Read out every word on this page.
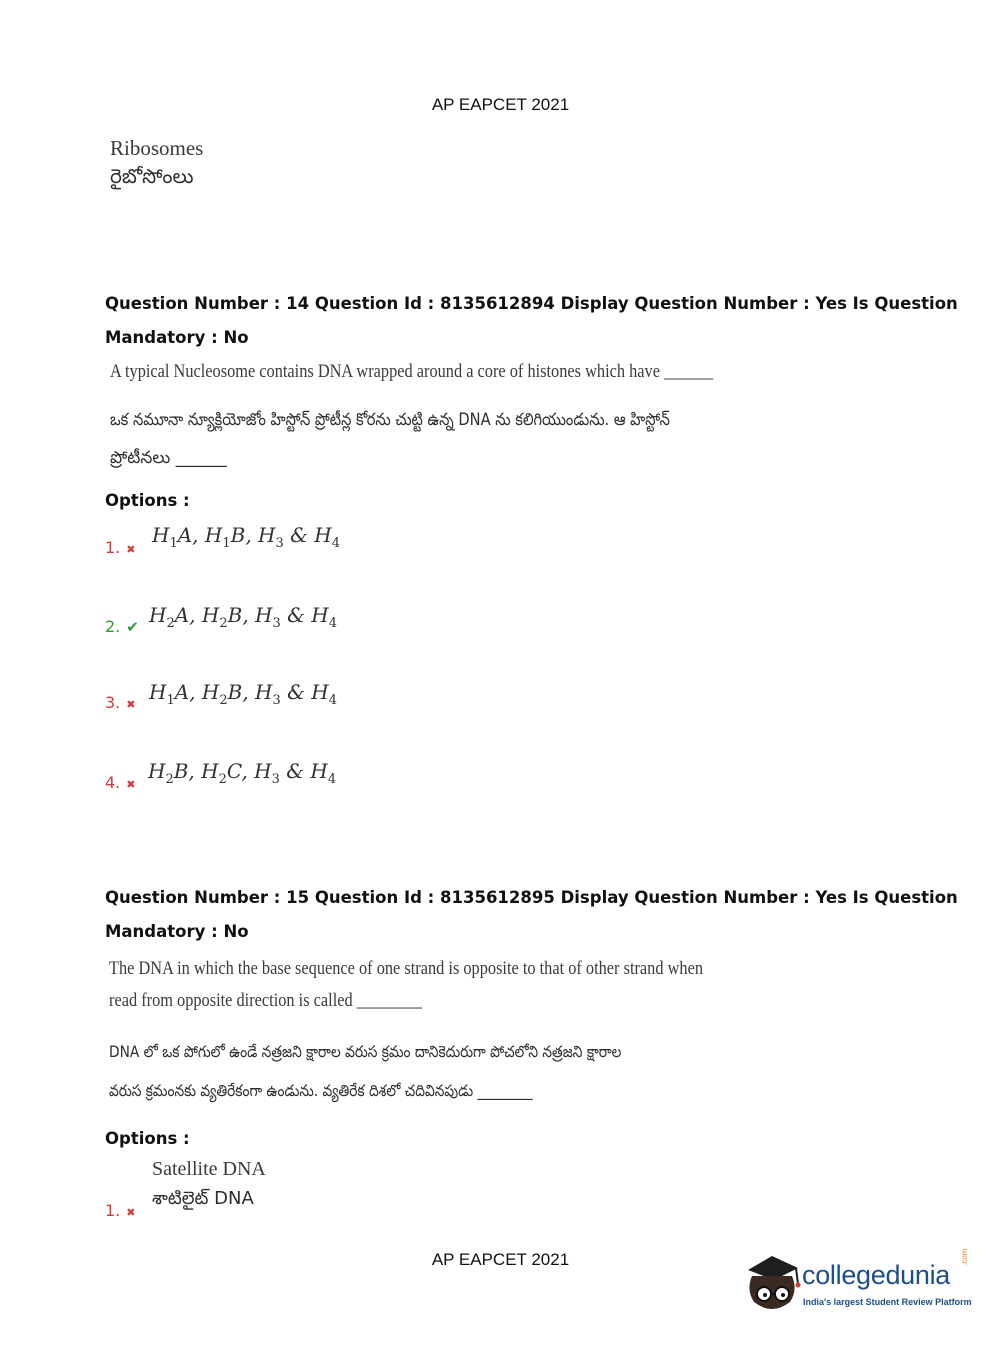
AP EAPCET 2021
Ribosomes
రైబోసోంలు
Question Number : 14 Question Id : 8135612894 Display Question Number : Yes Is Question
Mandatory : No
A typical Nucleosome contains DNA wrapped around a core of histones which have ______
ఒక నమూనా న్యూక్లియోజోం హిస్టోన్ ప్రోటీన్ల కోరను చుట్టి ఉన్న DNA ను కలిగియుండును. ఆ హిస్టోన్
ప్రోటీనలు ______
Options :
1. ✖
$H_1A$, $H_1B$, $H_3$ & $H_4$
2. ✔ $H_2A$, $H_2B$, $H_3$ & $H_4$
3. ✖
$H_1A$, $H_2B$, $H_3$ & $H_4$
4. ✖
$H_2B$, $H_2C$, $H_3$ & $H_4$
Question Number : 15 Question Id : 8135612895 Display Question Number : Yes Is Question
Mandatory : No
The DNA in which the base sequence of one strand is opposite to that of other strand when
read from opposite direction is called ________
DNA లో ఒక పోగులో ఉండే నత్రజని క్షారాల వరుస క్రమం దానికెదురుగా పోచలోని నత్రజని క్షారాల
వరుస క్రమంనకు వ్యతిరేకంగా ఉండును. వ్యతిరేక దిశలో చదివినపుడు ________
Options :
Satellite DNA
శాటిలైట్ DNA
1. ✖
AP EAPCET 2021
collegedunia
.com
India's largest Student Review Platform
